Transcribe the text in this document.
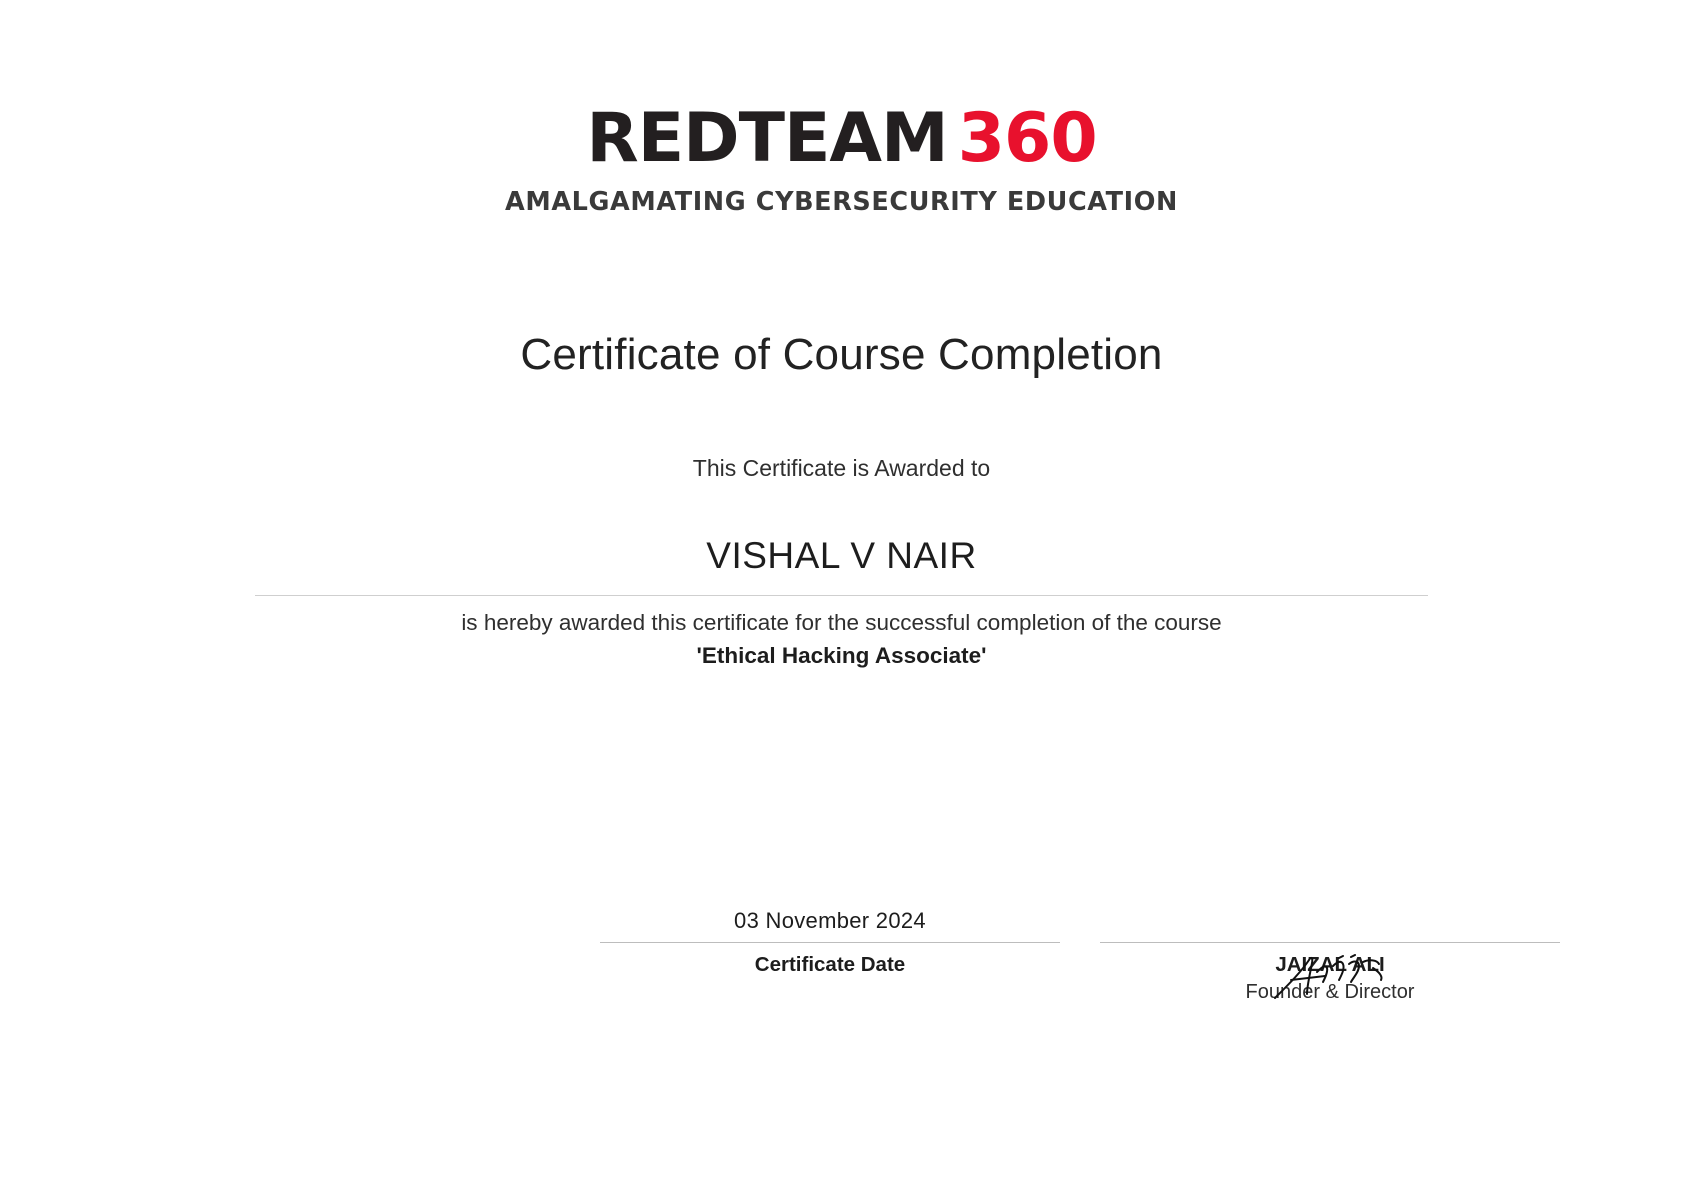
REDTEAM 360
AMALGAMATING CYBERSECURITY EDUCATION
Certificate of Course Completion
This Certificate is Awarded to
VISHAL V NAIR
is hereby awarded this certificate for the successful completion of the course
'Ethical Hacking Associate'
03 November 2024
Certificate Date	JAIZAL ALI
Founder & Director
